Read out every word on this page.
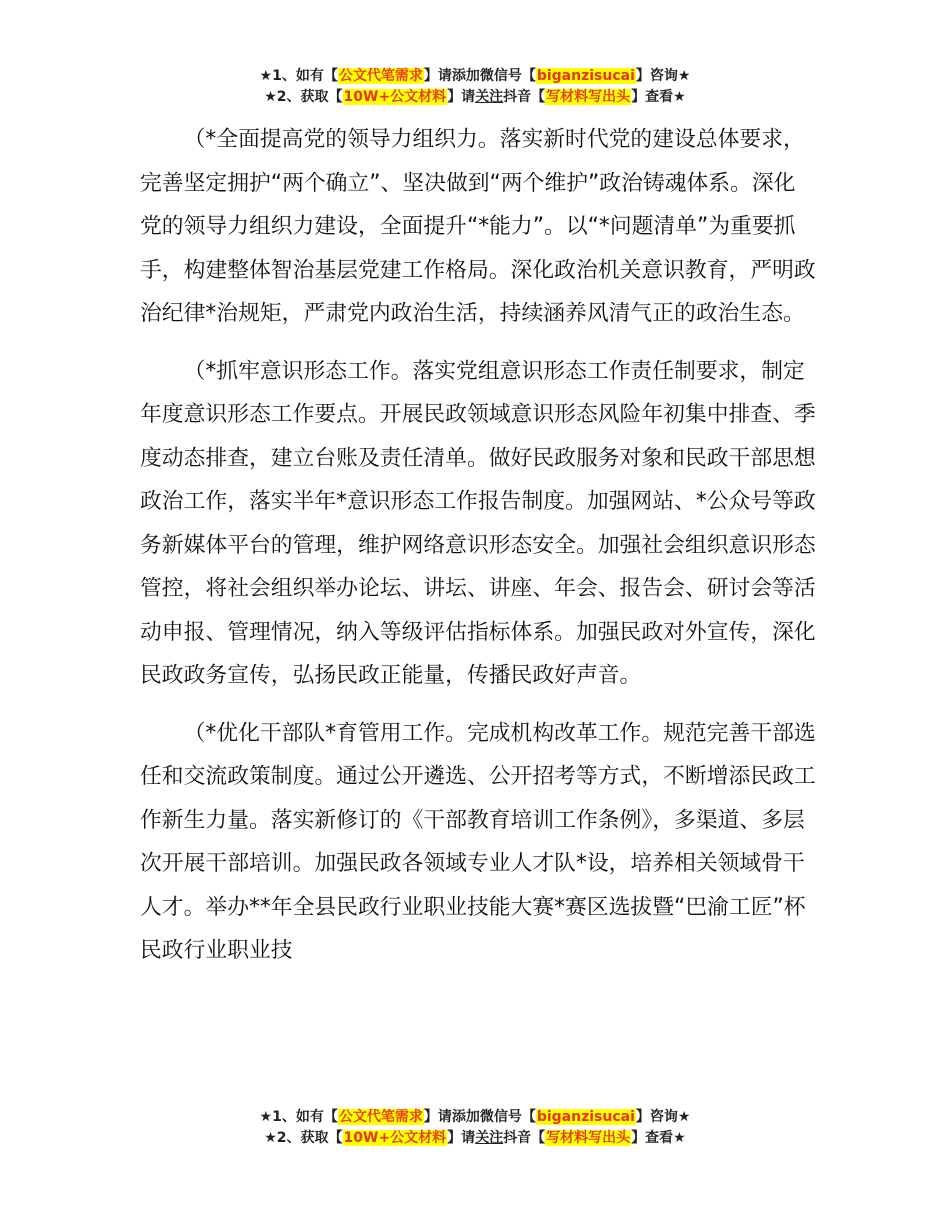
★1、如有【公文代笔需求】请添加微信号【biganzisucai】咨询★
★2、获取【10W+公文材料】请关注抖音【写材料写出头】查看★

（*全面提高党的领导力组织力。落实新时代党的建设总体要求，完善坚定拥护“两个确立”、坚决做到“两个维护”政治铸魂体系。深化党的领导力组织力建设，全面提升“*能力”。以“*问题清单”为重要抓手，构建整体智治基层党建工作格局。深化政治机关意识教育，严明政治纪律*治规矩，严肃党内政治生活，持续涵养风清气正的政治生态。

（*抓牢意识形态工作。落实党组意识形态工作责任制要求，制定年度意识形态工作要点。开展民政领域意识形态风险年初集中排查、季度动态排查，建立台账及责任清单。做好民政服务对象和民政干部思想政治工作，落实半年*意识形态工作报告制度。加强网站、*公众号等政务新媒体平台的管理，维护网络意识形态安全。加强社会组织意识形态管控，将社会组织举办论坛、讲坛、讲座、年会、报告会、研讨会等活动申报、管理情况，纳入等级评估指标体系。加强民政对外宣传，深化民政政务宣传，弘扬民政正能量，传播民政好声音。

（*优化干部队*育管用工作。完成机构改革工作。规范完善干部选任和交流政策制度。通过公开遴选、公开招考等方式，不断增添民政工作新生力量。落实新修订的《干部教育培训工作条例》，多渠道、多层次开展干部培训。加强民政各领域专业人才队*设，培养相关领域骨干人才。举办**年全县民政行业职业技能大赛*赛区选拔暨“巴渝工匠”杯民政行业职业技

★1、如有【公文代笔需求】请添加微信号【biganzisucai】咨询★
★2、获取【10W+公文材料】请关注抖音【写材料写出头】查看★
